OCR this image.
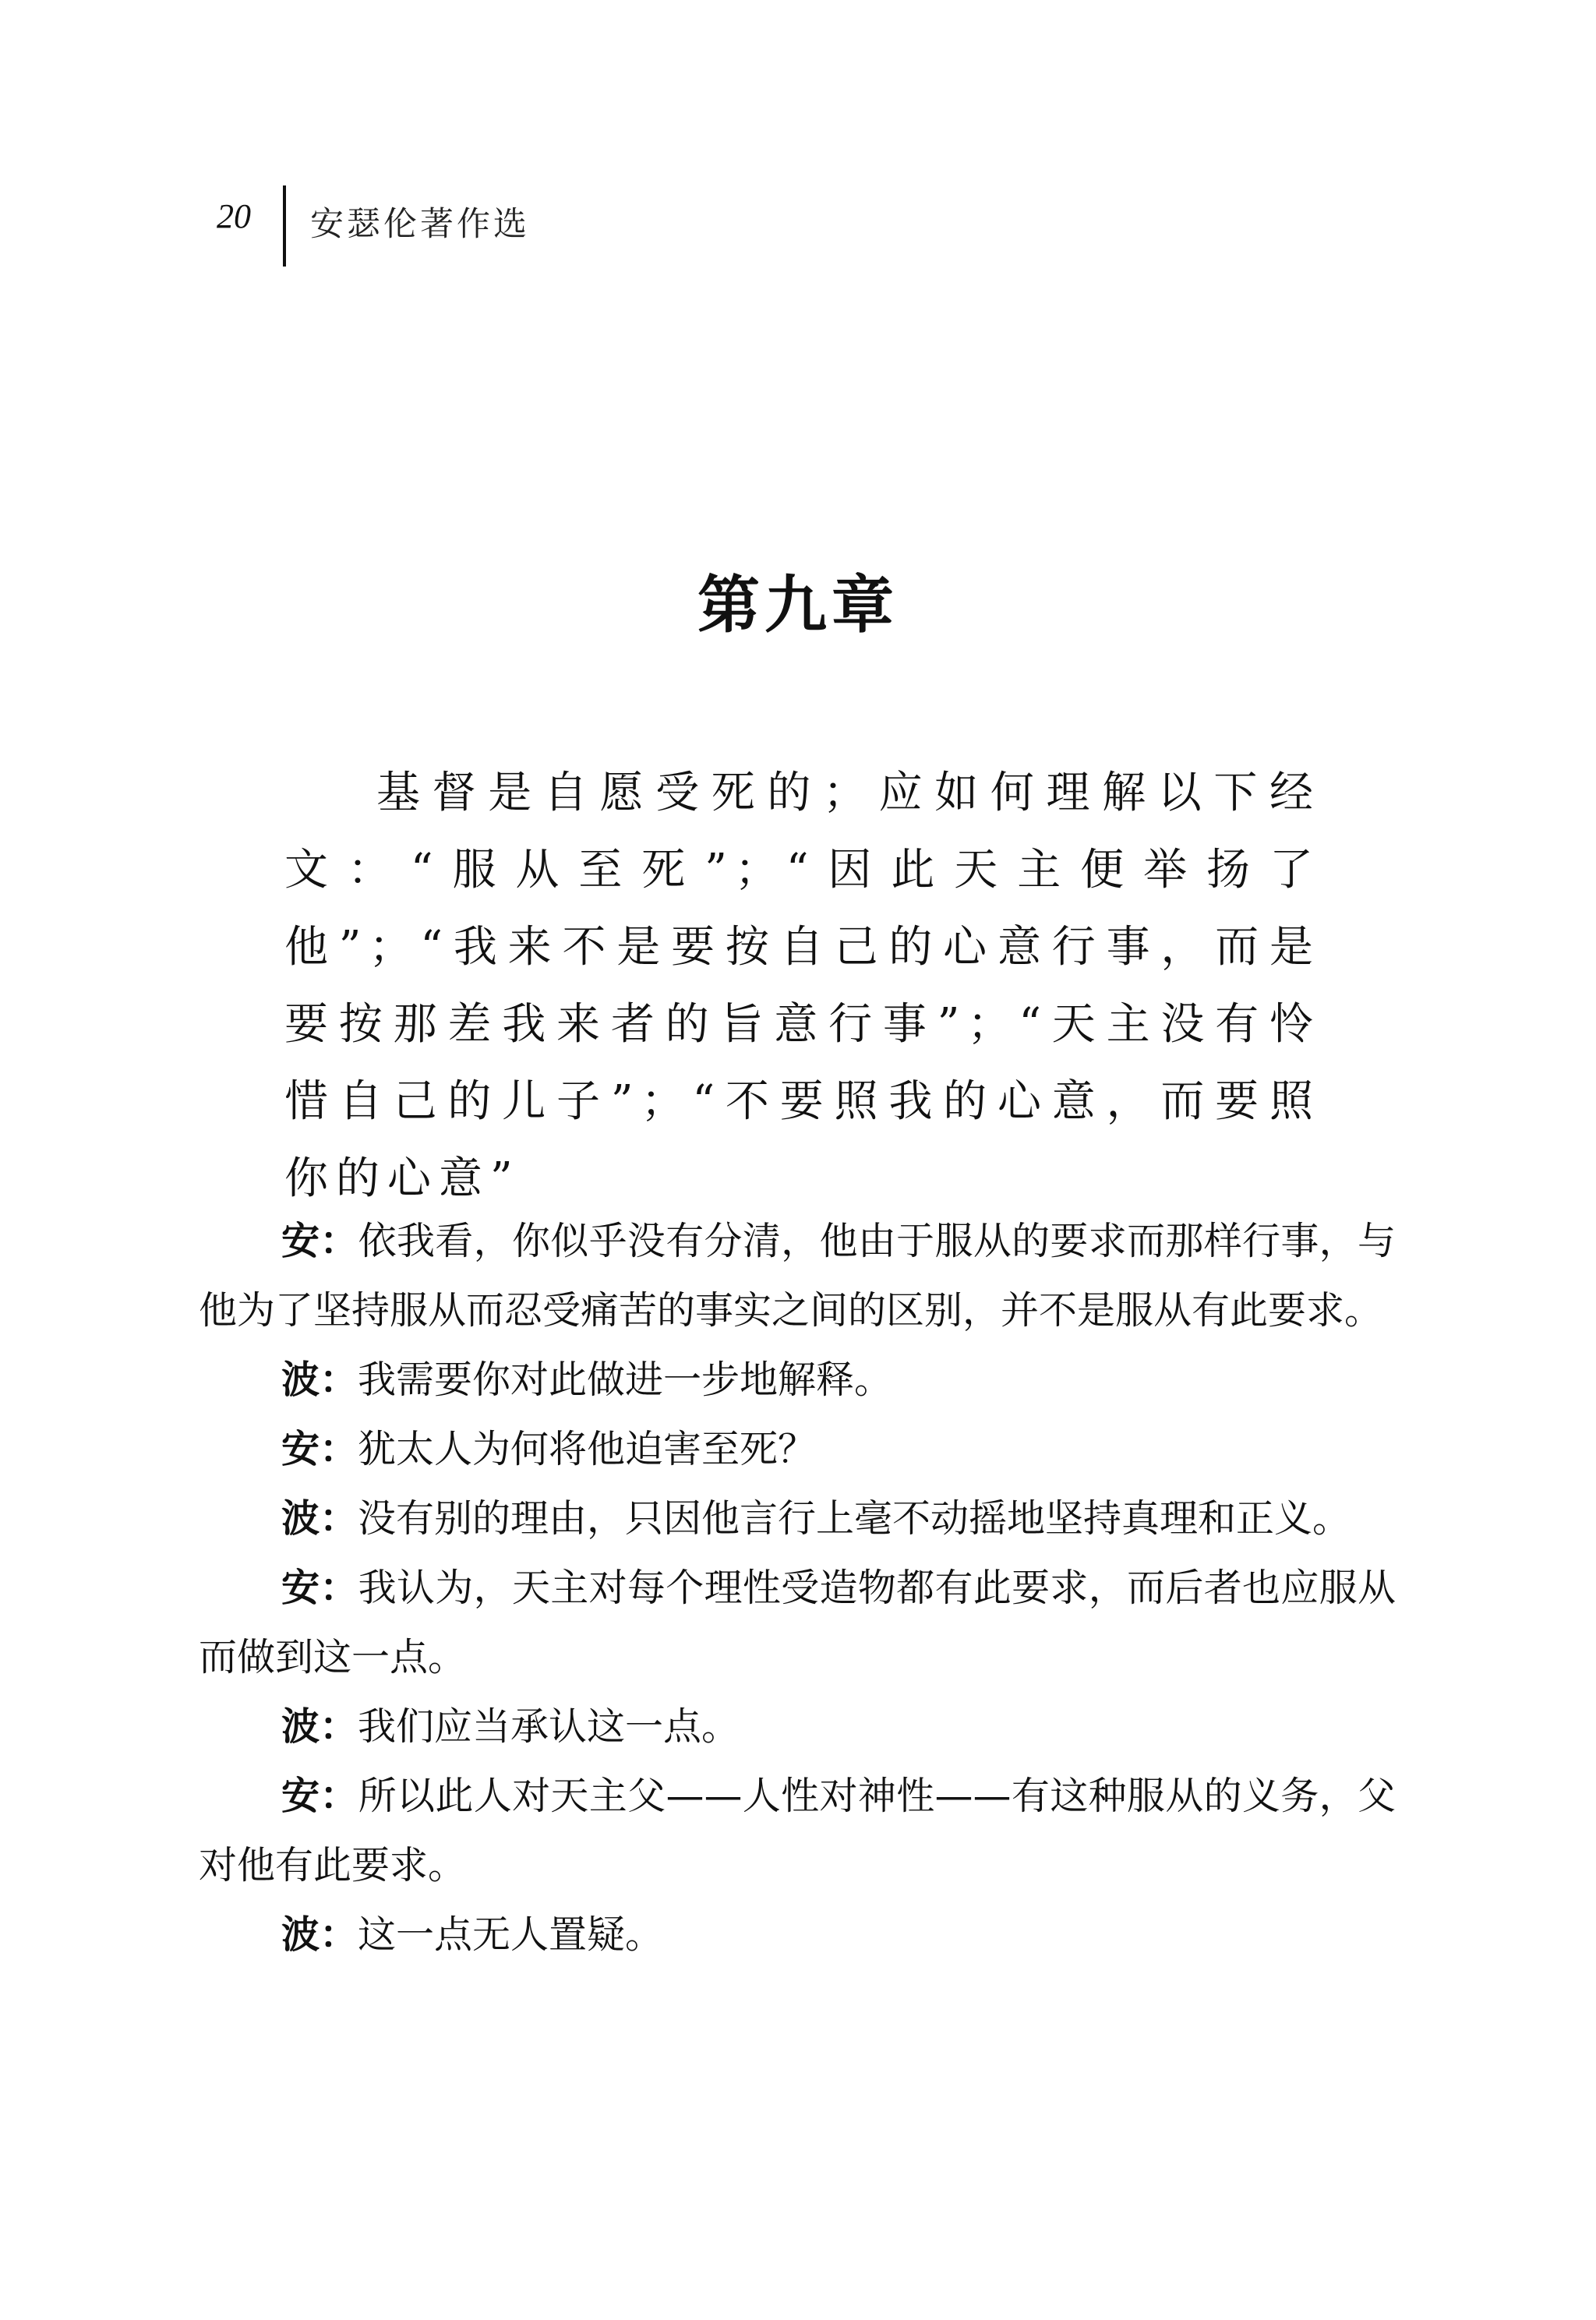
20 安瑟伦著作选
第九章
基督是自愿受死的；应如何理解以下经文：“服从至死”；“因此天主便举扬了他”；“我来不是要按自己的心意行事，而是要按那差我来者的旨意行事”；“天主没有怜惜自己的儿子”；“不要照我的心意，而要照你的心意”

安：依我看，你似乎没有分清，他由于服从的要求而那样行事，与他为了坚持服从而忍受痛苦的事实之间的区别，并不是服从有此要求。

波：我需要你对此做进一步地解释。

安：犹太人为何将他迫害至死？

波：没有别的理由，只因他言行上毫不动摇地坚持真理和正义。

安：我认为，天主对每个理性受造物都有此要求，而后者也应服从而做到这一点。

波：我们应当承认这一点。

安：所以此人对天主父——人性对神性——有这种服从的义务，父对他有此要求。

波：这一点无人置疑。
